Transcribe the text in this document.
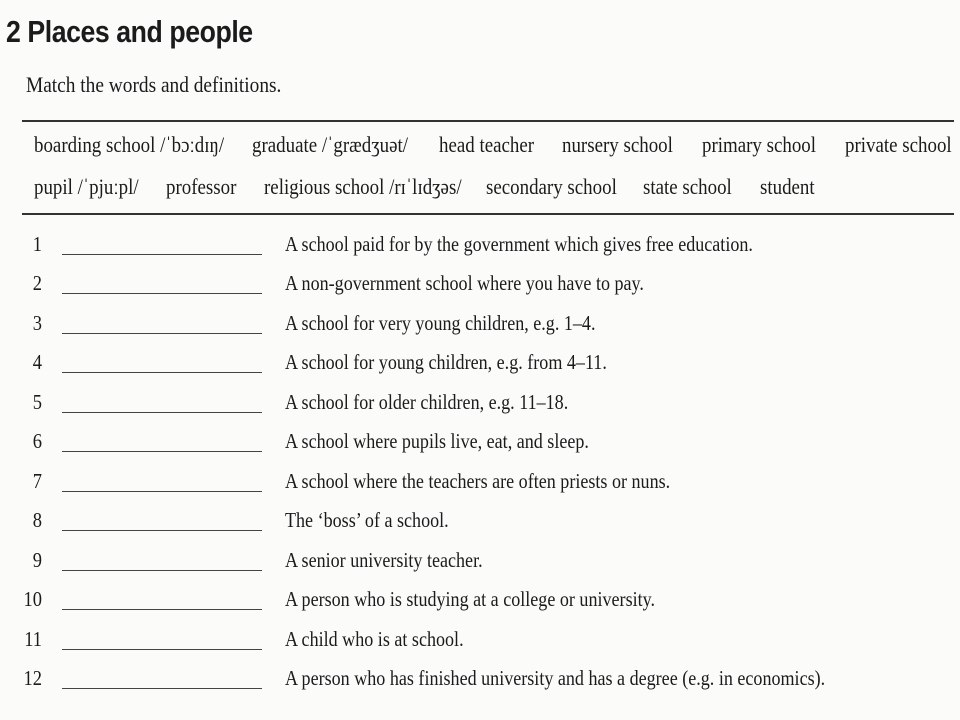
2 Places and people
Match the words and definitions.
boarding school /ˈbɔːdɪŋ/ graduate /ˈgrædʒuət/ head teacher nursery school primary school private school
pupil /ˈpjuːpl/ professor religious school /rɪˈlɪdʒəs/ secondary school state school student
1	A school paid for by the government which gives free education.
2	A non-government school where you have to pay.
3	A school for very young children, e.g. 1–4.
4	A school for young children, e.g. from 4–11.
5	A school for older children, e.g. 11–18.
6	A school where pupils live, eat, and sleep.
7	A school where the teachers are often priests or nuns.
8	The ‘boss’ of a school.
9	A senior university teacher.
10	A person who is studying at a college or university.
11	A child who is at school.
12	A person who has finished university and has a degree (e.g. in economics).
